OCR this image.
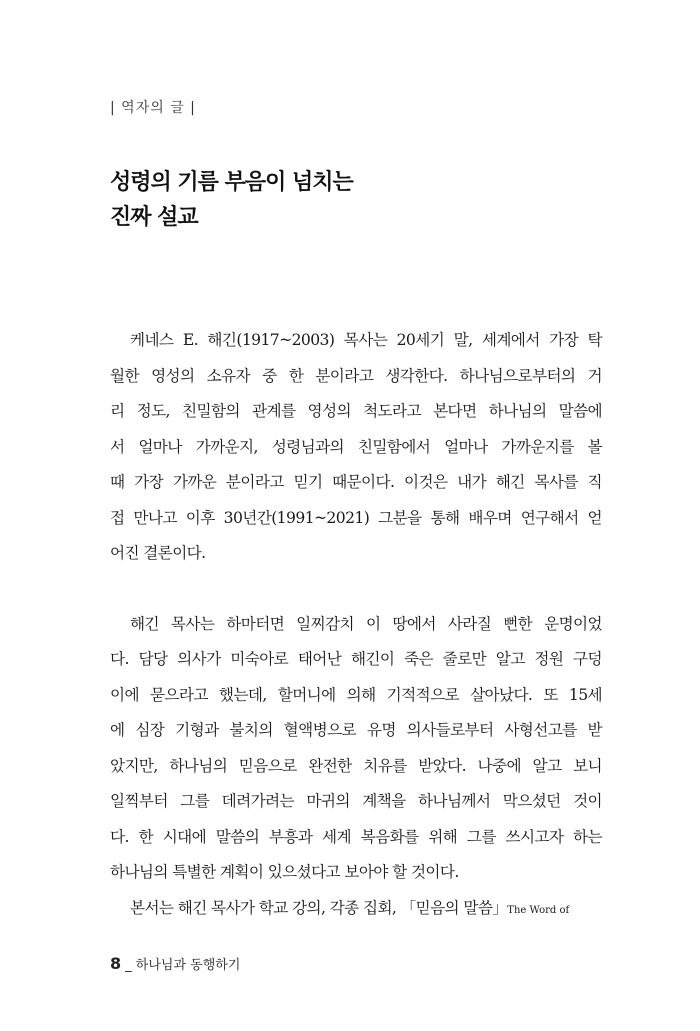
| 역자의 글 |
성령의 기름 부음이 넘치는
진짜 설교
케네스 E. 해긴(1917~2003) 목사는 20세기 말, 세계에서 가장 탁
월한 영성의 소유자 중 한 분이라고 생각한다. 하나님으로부터의 거
리 정도, 친밀함의 관계를 영성의 척도라고 본다면 하나님의 말씀에
서 얼마나 가까운지, 성령님과의 친밀함에서 얼마나 가까운지를 볼
때 가장 가까운 분이라고 믿기 때문이다. 이것은 내가 해긴 목사를 직
접 만나고 이후 30년간(1991~2021) 그분을 통해 배우며 연구해서 얻
어진 결론이다.
해긴 목사는 하마터면 일찌감치 이 땅에서 사라질 뻔한 운명이었
다. 담당 의사가 미숙아로 태어난 해긴이 죽은 줄로만 알고 정원 구덩
이에 묻으라고 했는데, 할머니에 의해 기적적으로 살아났다. 또 15세
에 심장 기형과 불치의 혈액병으로 유명 의사들로부터 사형선고를 받
았지만, 하나님의 믿음으로 완전한 치유를 받았다. 나중에 알고 보니
일찍부터 그를 데려가려는 마귀의 계책을 하나님께서 막으셨던 것이
다. 한 시대에 말씀의 부흥과 세계 복음화를 위해 그를 쓰시고자 하는
하나님의 특별한 계획이 있으셨다고 보아야 할 것이다.
본서는 해긴 목사가 학교 강의, 각종 집회, 「믿음의 말씀」The Word of
8 _ 하나님과 동행하기
